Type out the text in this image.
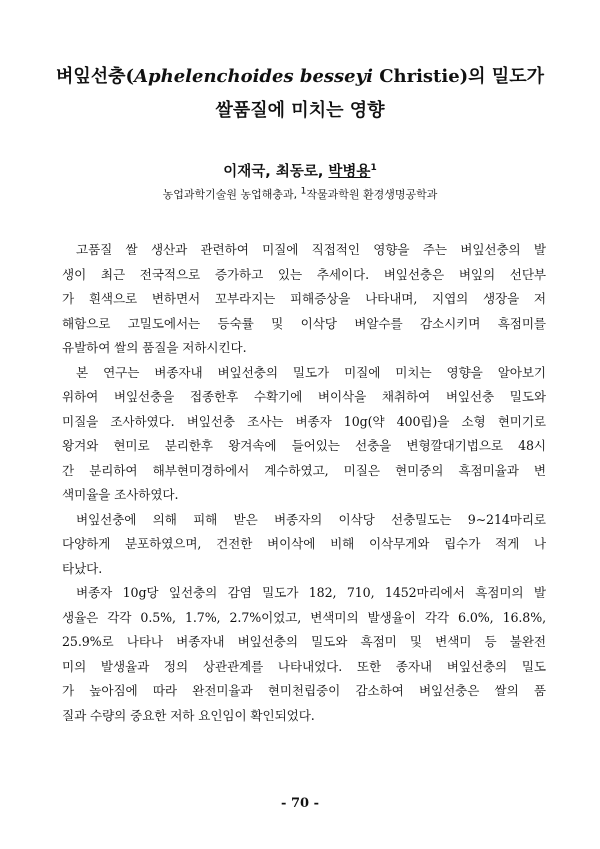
벼잎선충(Aphelenchoides besseyi Christie)의 밀도가
쌀품질에 미치는 영향
이재국, 최동로, 박병용$^1$
농업과학기술원 농업해충과, $^1$작물과학원 환경생명공학과
고품질 쌀 생산과 관련하여 미질에 직접적인 영향을 주는 벼잎선충의 발
생이 최근 전국적으로 증가하고 있는 추세이다. 벼잎선충은 벼잎의 선단부
가 흰색으로 변하면서 꼬부라지는 피해증상을 나타내며, 지엽의 생장을 저
해함으로 고밀도에서는 등숙률 및 이삭당 벼알수를 감소시키며 흑점미를
유발하여 쌀의 품질을 저하시킨다.
본 연구는 벼종자내 벼잎선충의 밀도가 미질에 미치는 영향을 알아보기
위하여 벼잎선충을 접종한후 수확기에 벼이삭을 채취하여 벼잎선충 밀도와
미질을 조사하였다. 벼잎선충 조사는 벼종자 10g(약 400립)을 소형 현미기로
왕겨와 현미로 분리한후 왕겨속에 들어있는 선충을 변형깔대기법으로 48시
간 분리하여 해부현미경하에서 계수하였고, 미질은 현미중의 흑점미율과 변
색미율을 조사하였다.
벼잎선충에 의해 피해 받은 벼종자의 이삭당 선충밀도는 9∼214마리로
다양하게 분포하였으며, 건전한 벼이삭에 비해 이삭무게와 립수가 적게 나
타났다.
벼종자 10g당 잎선충의 감염 밀도가 182, 710, 1452마리에서 흑점미의 발
생율은 각각 0.5%, 1.7%, 2.7%이었고, 변색미의 발생율이 각각 6.0%, 16.8%,
25.9%로 나타나 벼종자내 벼잎선충의 밀도와 흑점미 및 변색미 등 불완전
미의 발생율과 정의 상관관계를 나타내었다. 또한 종자내 벼잎선충의 밀도
가 높아짐에 따라 완전미율과 현미천립중이 감소하여 벼잎선충은 쌀의 품
질과 수량의 중요한 저하 요인임이 확인되었다.
- 70 -
